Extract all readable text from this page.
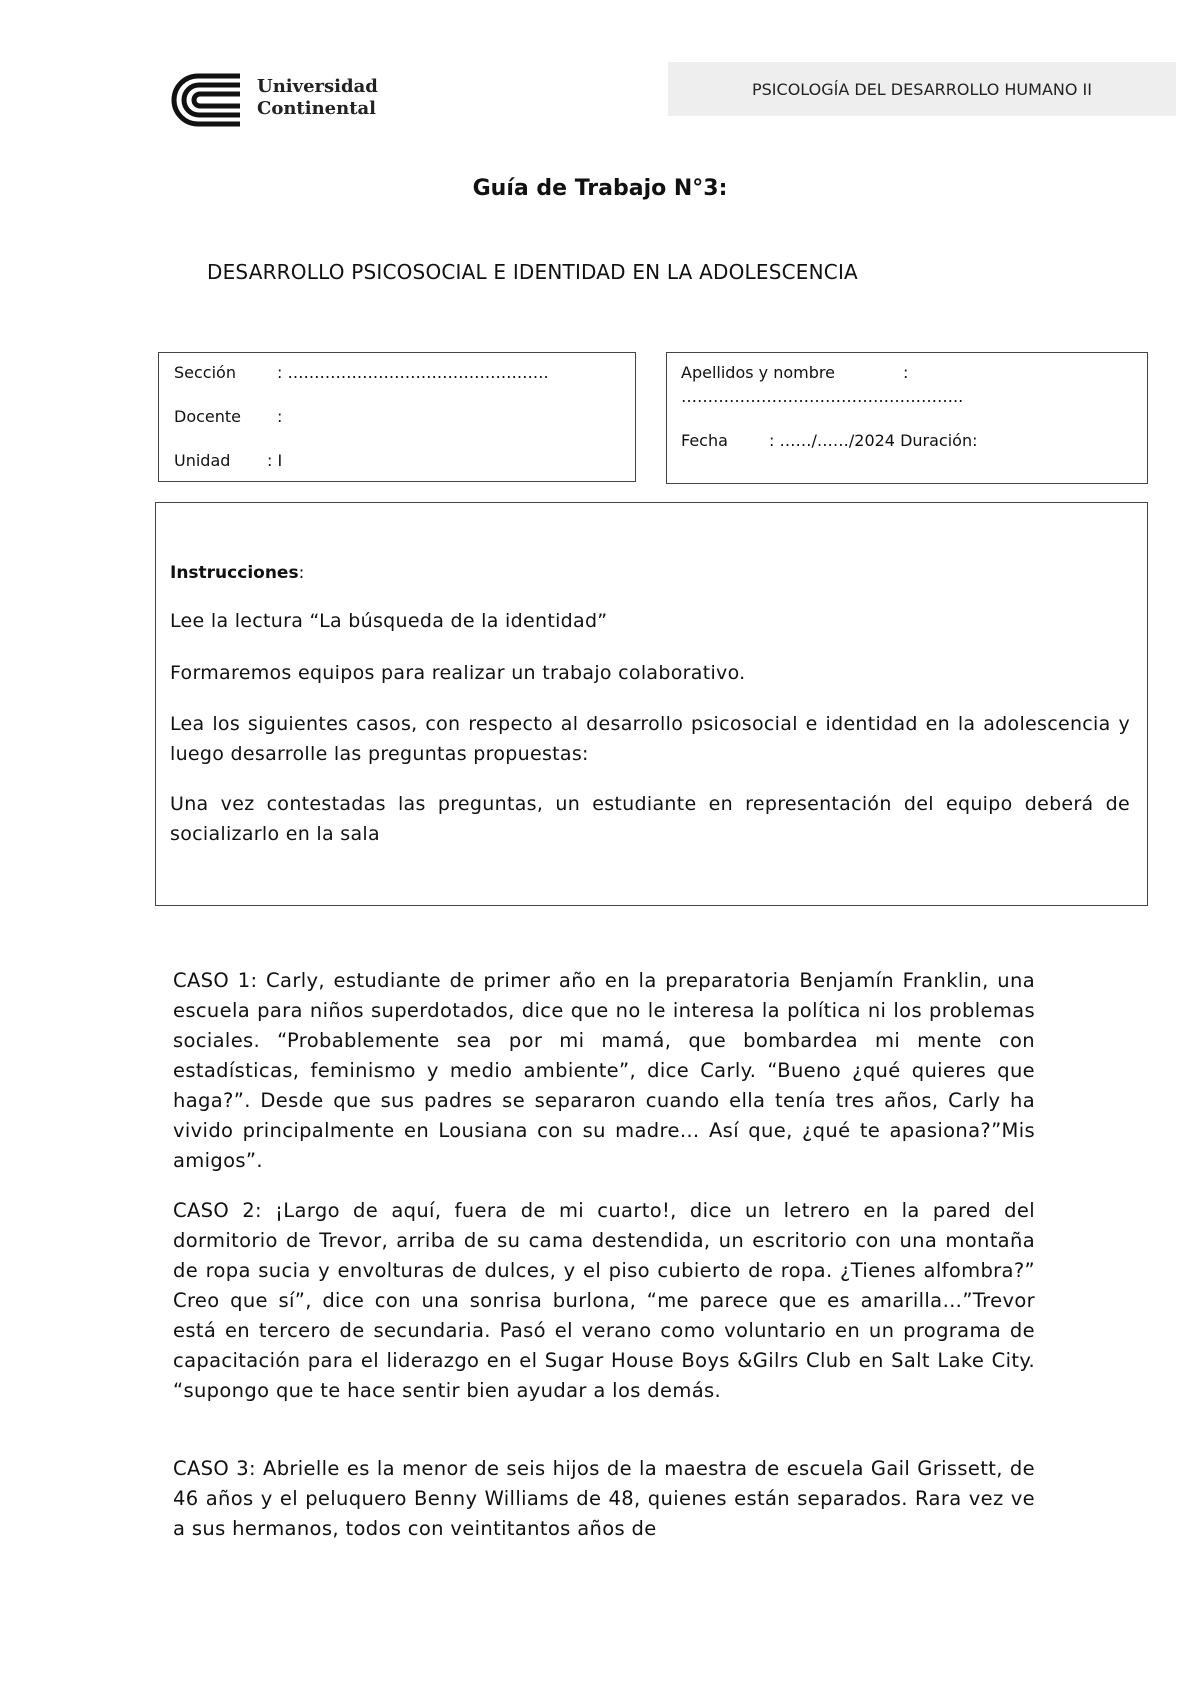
Universidad
Continental
PSICOLOGÍA DEL DESARROLLO HUMANO II
Guía de Trabajo N°3:
DESARROLLO PSICOSOCIAL E IDENTIDAD EN LA ADOLESCENCIA
Sección	: ………………………………………….
Docente :
Unidad : I
Apellidos y nombre	:
……………………………………………..
Fecha	: ……/……/2024 Duración:
Instrucciones:

Lee la lectura “La búsqueda de la identidad”

Formaremos equipos para realizar un trabajo colaborativo.

Lea los siguientes casos, con respecto al desarrollo psicosocial e identidad en la adolescencia y luego desarrolle las preguntas propuestas:

Una vez contestadas las preguntas, un estudiante en representación del equipo deberá de socializarlo en la sala

CASO 1: Carly, estudiante de primer año en la preparatoria Benjamín Franklin, una escuela para niños superdotados, dice que no le interesa la política ni los problemas sociales. “Probablemente sea por mi mamá, que bombardea mi mente con estadísticas, feminismo y medio ambiente”, dice Carly. “Bueno ¿qué quieres que haga?”. Desde que sus padres se separaron cuando ella tenía tres años, Carly ha vivido principalmente en Lousiana con su madre… Así que, ¿qué te apasiona?”Mis amigos”.

CASO 2: ¡Largo de aquí, fuera de mi cuarto!, dice un letrero en la pared del dormitorio de Trevor, arriba de su cama destendida, un escritorio con una montaña de ropa sucia y envolturas de dulces, y el piso cubierto de ropa. ¿Tienes alfombra?” Creo que sí”, dice con una sonrisa burlona, “me parece que es amarilla…”Trevor está en tercero de secundaria. Pasó el verano como voluntario en un programa de capacitación para el liderazgo en el Sugar House Boys &Gilrs Club en Salt Lake City. “supongo que te hace sentir bien ayudar a los demás.

CASO 3: Abrielle es la menor de seis hijos de la maestra de escuela Gail Grissett, de 46 años y el peluquero Benny Williams de 48, quienes están separados. Rara vez ve a sus hermanos, todos con veintitantos años de
